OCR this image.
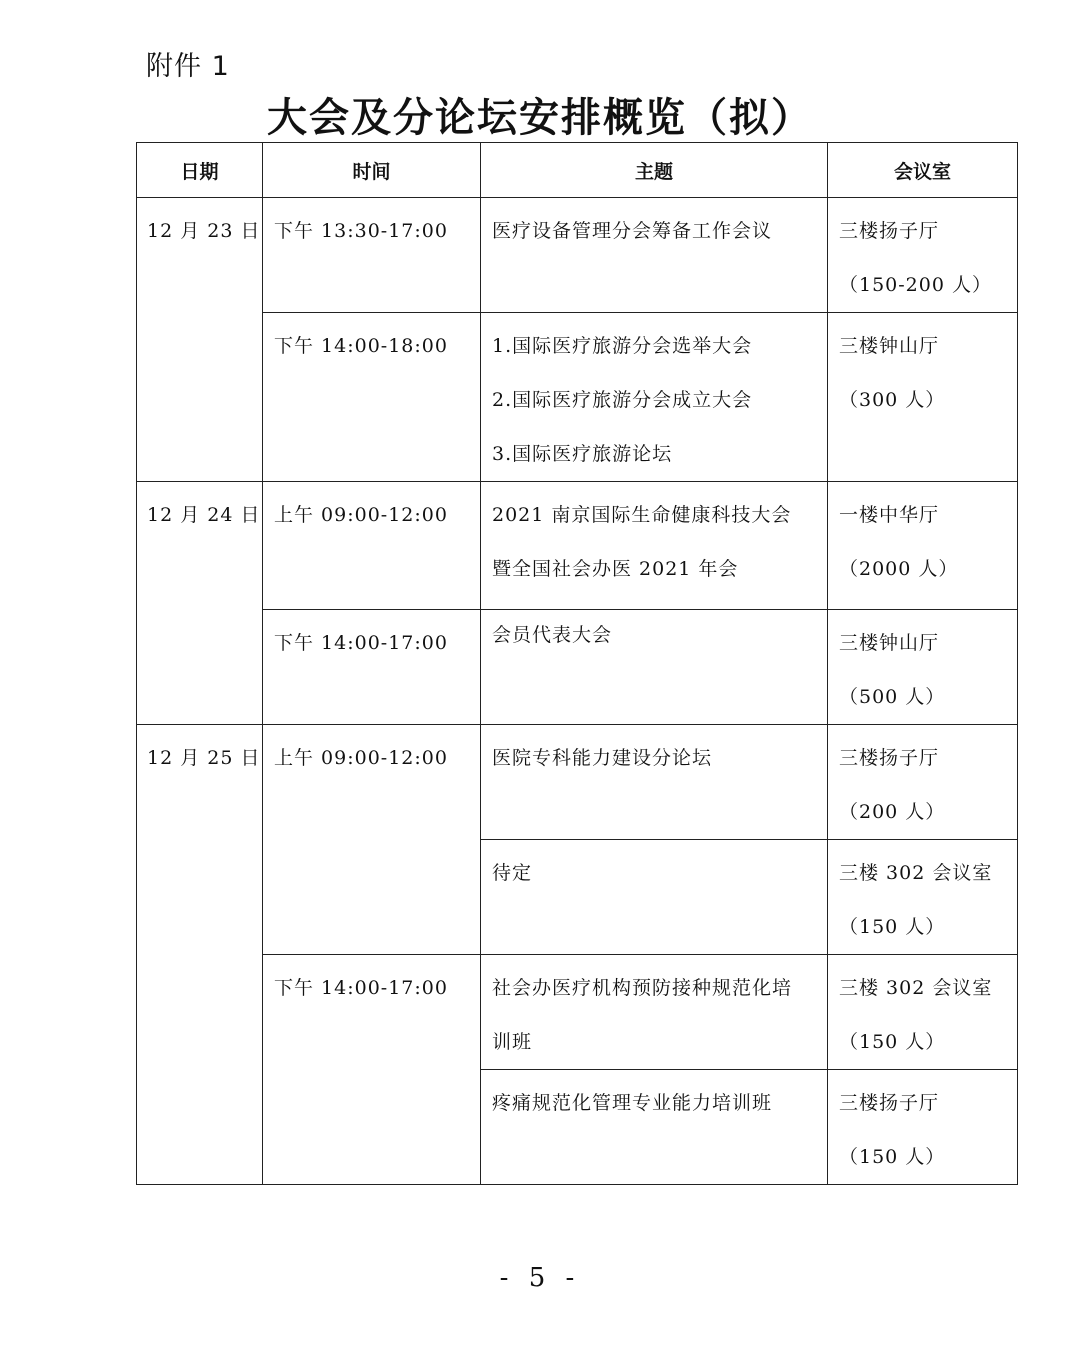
附件 1
大会及分论坛安排概览（拟）
日期	时间	主题	会议室

12 月 23 日	下午 13:30-17:00	医疗设备管理分会筹备工作会议	三楼扬子厅
（150-200 人）

	下午 14:00-18:00	1.国际医疗旅游分会选举大会
2.国际医疗旅游分会成立大会
3.国际医疗旅游论坛	三楼钟山厅
（300 人）

12 月 24 日	上午 09:00-12:00	2021 南京国际生命健康科技大会
暨全国社会办医 2021 年会	一楼中华厅
（2000 人）

	下午 14:00-17:00	会员代表大会	三楼钟山厅
（500 人）

12 月 25 日	上午 09:00-12:00	医院专科能力建设分论坛	三楼扬子厅
（200 人）

		待定	三楼 302 会议室
（150 人）

	下午 14:00-17:00	社会办医疗机构预防接种规范化培
训班	三楼 302 会议室
（150 人）

		疼痛规范化管理专业能力培训班	三楼扬子厅
（150 人）
- 5 -
